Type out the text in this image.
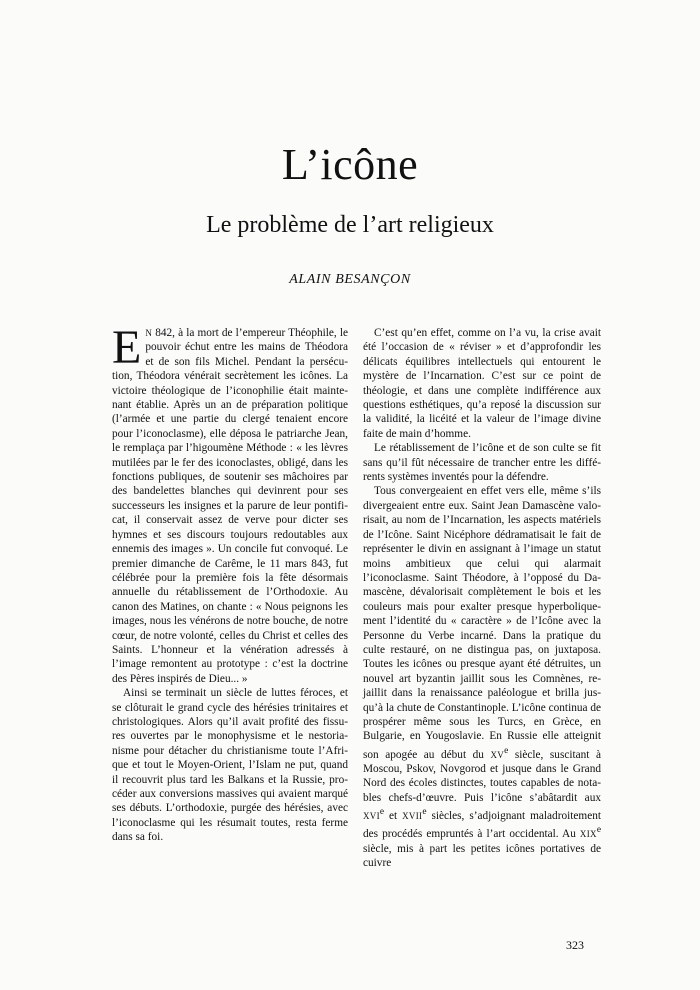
L’icône
Le problème de l’art religieux
ALAIN BESANÇON

E N 842, à la mort de l’empereur Théophile, le pouvoir échut entre les mains de Théodora et de son fils Michel. Pendant la persécution, Théodora vénérait secrètement les icônes. La victoire théologique de l’iconophilie était maintenant établie. Après un an de préparation politique (l’armée et une partie du clergé tenaient encore pour l’iconoclasme), elle déposa le patriarche Jean, le remplaça par l’higoumène Méthode : « les lèvres mutilées par le fer des iconoclastes, obligé, dans les fonctions publiques, de soutenir ses mâchoires par des bandelettes blanches qui devinrent pour ses successeurs les insignes et la parure de leur pontificat, il conservait assez de verve pour dicter ses hymnes et ses discours toujours redoutables aux ennemis des images ». Un concile fut convoqué. Le premier dimanche de Carême, le 11 mars 843, fut célébrée pour la première fois la fête désormais annuelle du rétablissement de l’Orthodoxie. Au canon des Matines, on chante : « Nous peignons les images, nous les vénérons de notre bouche, de notre cœur, de notre volonté, celles du Christ et celles des Saints. L’honneur et la vénération adressés à l’image remontent au prototype : c’est la doctrine des Pères inspirés de Dieu... »

Ainsi se terminait un siècle de luttes féroces, et se clôturait le grand cycle des hérésies trinitaires et christologiques. Alors qu’il avait profité des fissures ouvertes par le monophysisme et le nestorianisme pour détacher du christianisme toute l’Afrique et tout le Moyen-Orient, l’Islam ne put, quand il recouvrit plus tard les Balkans et la Russie, procéder aux conversions massives qui avaient marqué ses débuts. L’orthodoxie, purgée des hérésies, avec l’iconoclasme qui les résumait toutes, resta ferme dans sa foi.

C’est qu’en effet, comme on l’a vu, la crise avait été l’occasion de « réviser » et d’approfondir les délicats équilibres intellectuels qui entourent le mystère de l’Incarnation. C’est sur ce point de théologie, et dans une complète indifférence aux questions esthétiques, qu’a reposé la discussion sur la validité, la licéité et la valeur de l’image divine faite de main d’homme.

Le rétablissement de l’icône et de son culte se fit sans qu’il fût nécessaire de trancher entre les différents systèmes inventés pour la défendre.

Tous convergeaient en effet vers elle, même s’ils divergeaient entre eux. Saint Jean Damascène valorisait, au nom de l’Incarnation, les aspects matériels de l’Icône. Saint Nicéphore dédramatisait le fait de représenter le divin en assignant à l’image un statut moins ambitieux que celui qui alarmait l’iconoclasme. Saint Théodore, à l’opposé du Damascène, dévalorisait complètement le bois et les couleurs mais pour exalter presque hyperboliquement l’identité du « caractère » de l’Icône avec la Personne du Verbe incarné. Dans la pratique du culte restauré, on ne distingua pas, on juxtaposa. Toutes les icônes ou presque ayant été détruites, un nouvel art byzantin jaillit sous les Comnènes, rejaillit dans la renaissance paléologue et brilla jusqu’à la chute de Constantinople. L’icône continua de prospérer même sous les Turcs, en Grèce, en Bulgarie, en Yougoslavie. En Russie elle atteignit son apogée au début du XVe siècle, suscitant à Moscou, Pskov, Novgorod et jusque dans le Grand Nord des écoles distinctes, toutes capables de notables chefs-d’œuvre. Puis l’icône s’abâtardit aux XVIe et XVIIe siècles, s’adjoignant maladroitement des procédés empruntés à l’art occidental. Au XIXe siècle, mis à part les petites icônes portatives de cuivre

323
